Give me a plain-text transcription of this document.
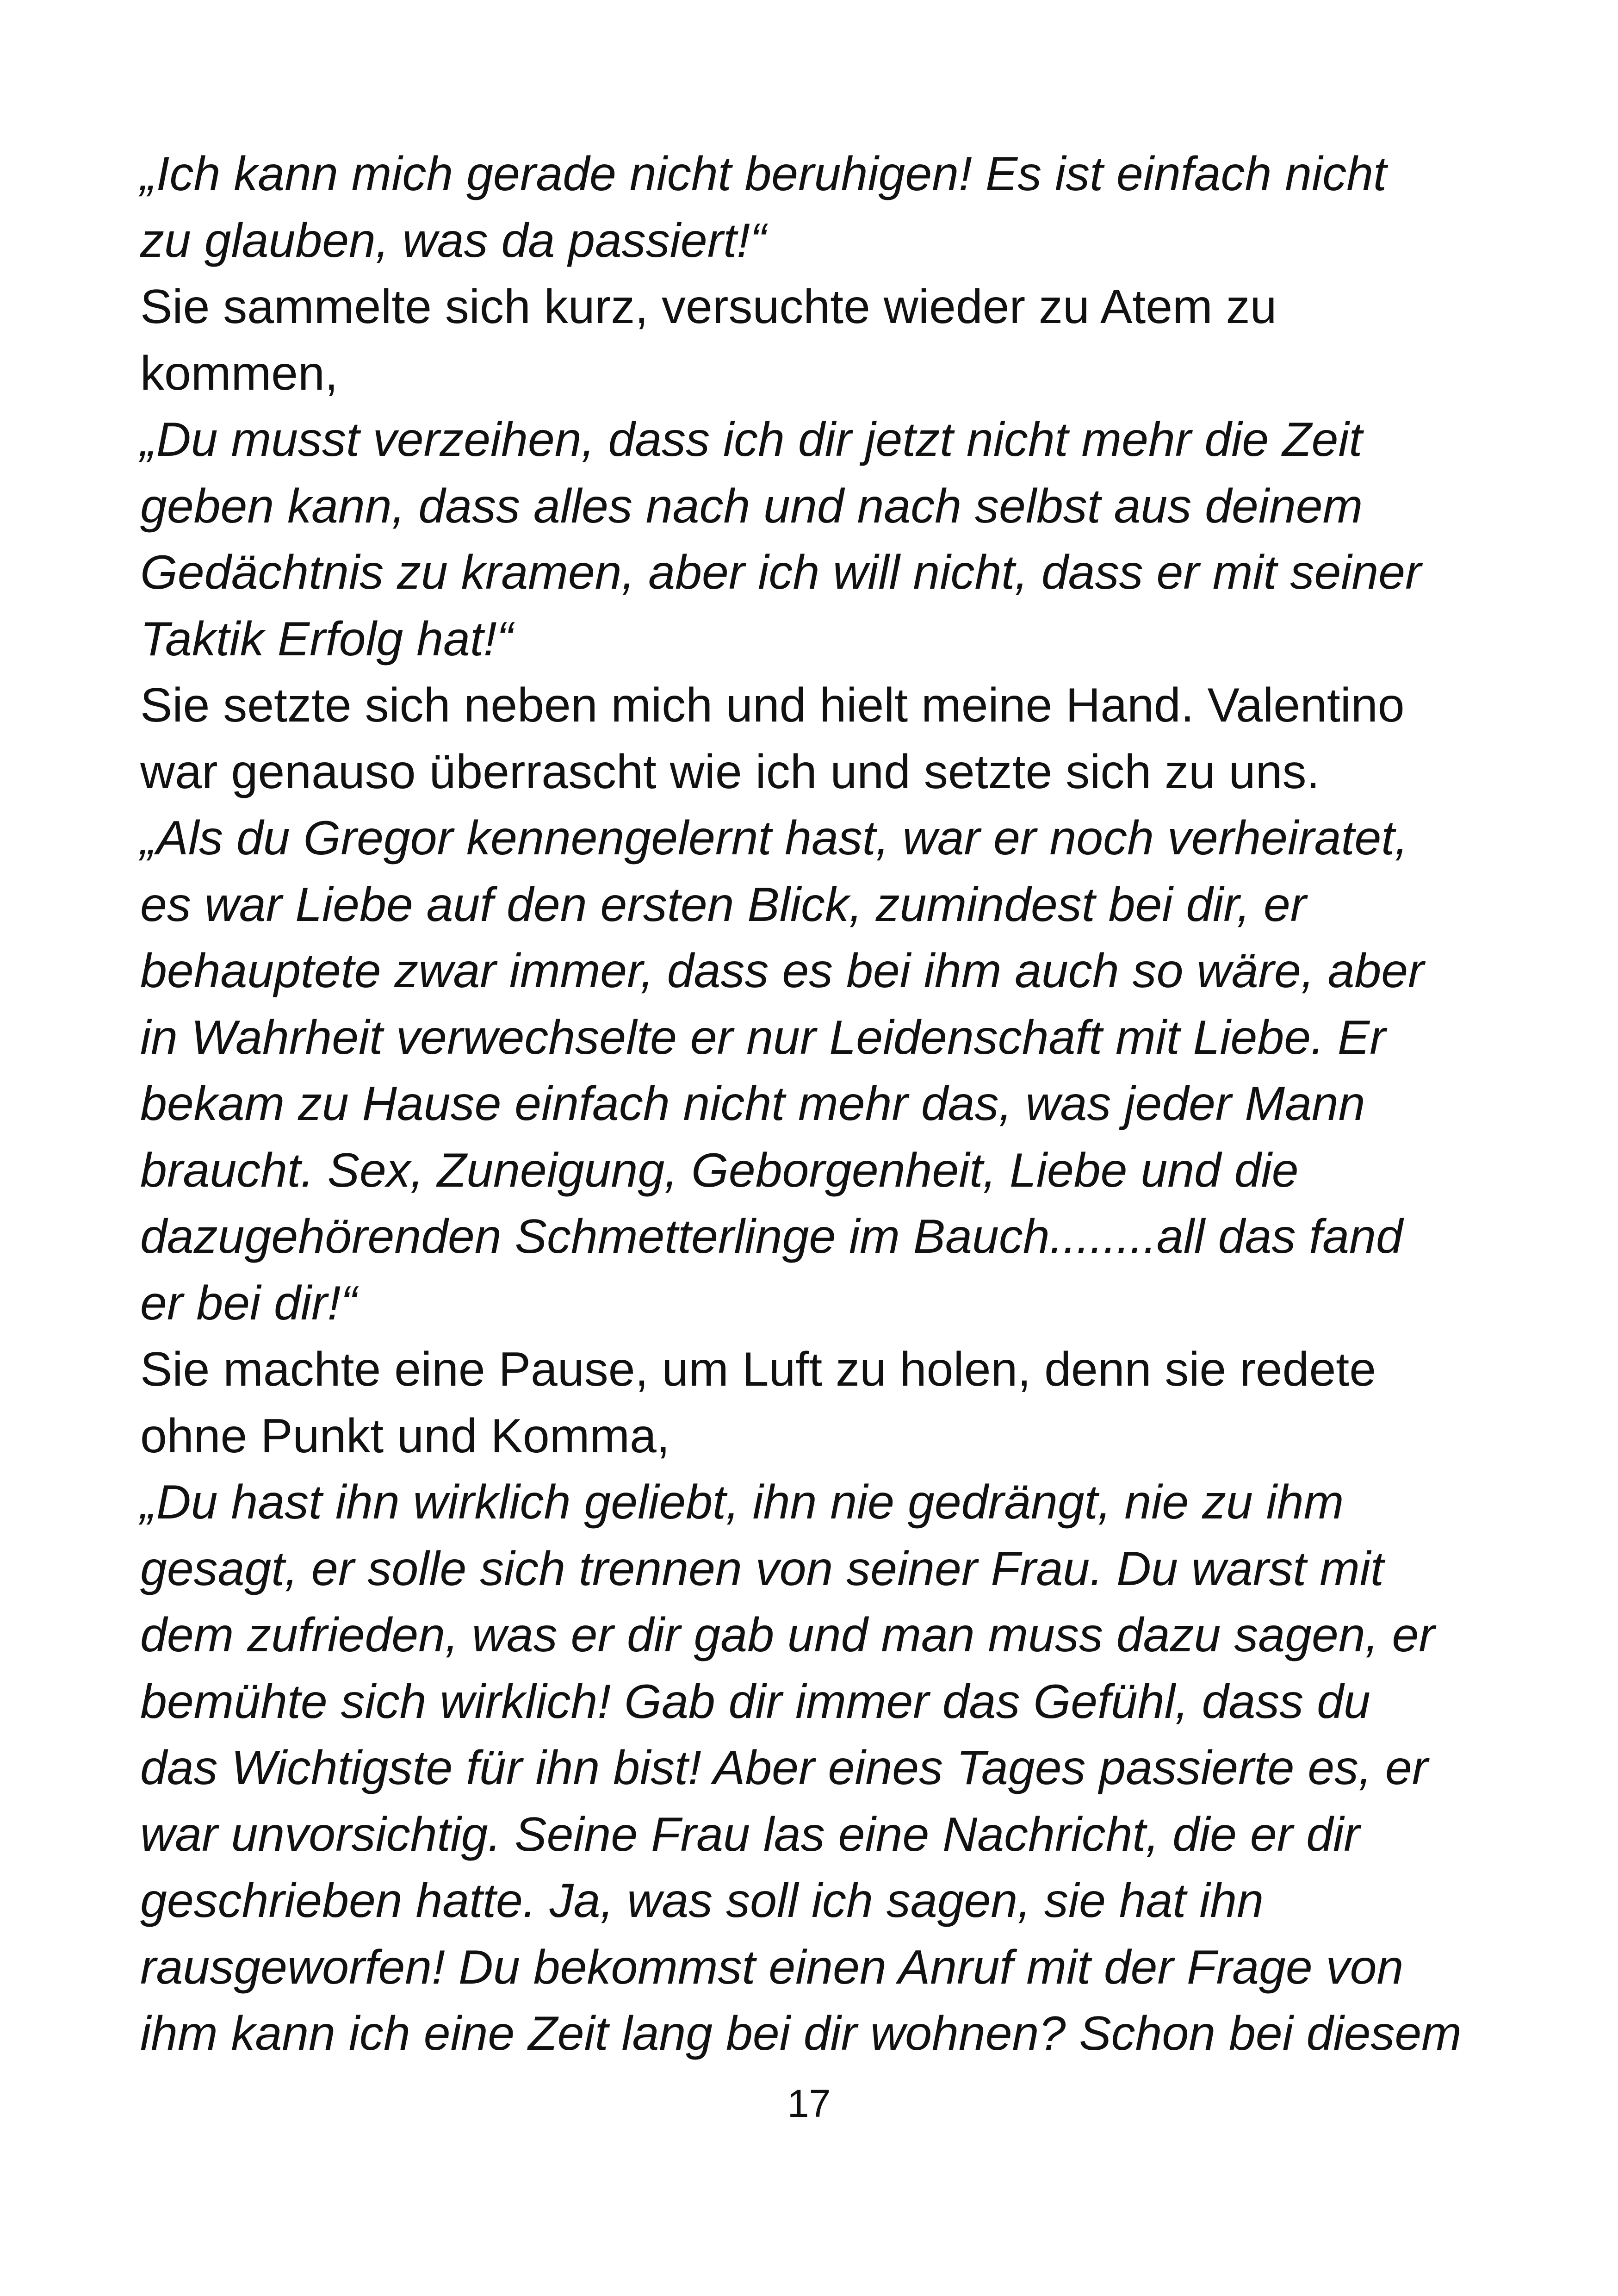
„Ich kann mich gerade nicht beruhigen! Es ist einfach nicht
zu glauben, was da passiert!“
Sie sammelte sich kurz, versuchte wieder zu Atem zu
kommen,
„Du musst verzeihen, dass ich dir jetzt nicht mehr die Zeit
geben kann, dass alles nach und nach selbst aus deinem
Gedächtnis zu kramen, aber ich will nicht, dass er mit seiner
Taktik Erfolg hat!“
Sie setzte sich neben mich und hielt meine Hand. Valentino
war genauso überrascht wie ich und setzte sich zu uns.
„Als du Gregor kennengelernt hast, war er noch verheiratet,
es war Liebe auf den ersten Blick, zumindest bei dir, er
behauptete zwar immer, dass es bei ihm auch so wäre, aber
in Wahrheit verwechselte er nur Leidenschaft mit Liebe. Er
bekam zu Hause einfach nicht mehr das, was jeder Mann
braucht. Sex, Zuneigung, Geborgenheit, Liebe und die
dazugehörenden Schmetterlinge im Bauch........all das fand
er bei dir!“
Sie machte eine Pause, um Luft zu holen, denn sie redete
ohne Punkt und Komma,
„Du hast ihn wirklich geliebt, ihn nie gedrängt, nie zu ihm
gesagt, er solle sich trennen von seiner Frau. Du warst mit
dem zufrieden, was er dir gab und man muss dazu sagen, er
bemühte sich wirklich! Gab dir immer das Gefühl, dass du
das Wichtigste für ihn bist! Aber eines Tages passierte es, er
war unvorsichtig. Seine Frau las eine Nachricht, die er dir
geschrieben hatte. Ja, was soll ich sagen, sie hat ihn
rausgeworfen! Du bekommst einen Anruf mit der Frage von
ihm kann ich eine Zeit lang bei dir wohnen? Schon bei diesem
17
